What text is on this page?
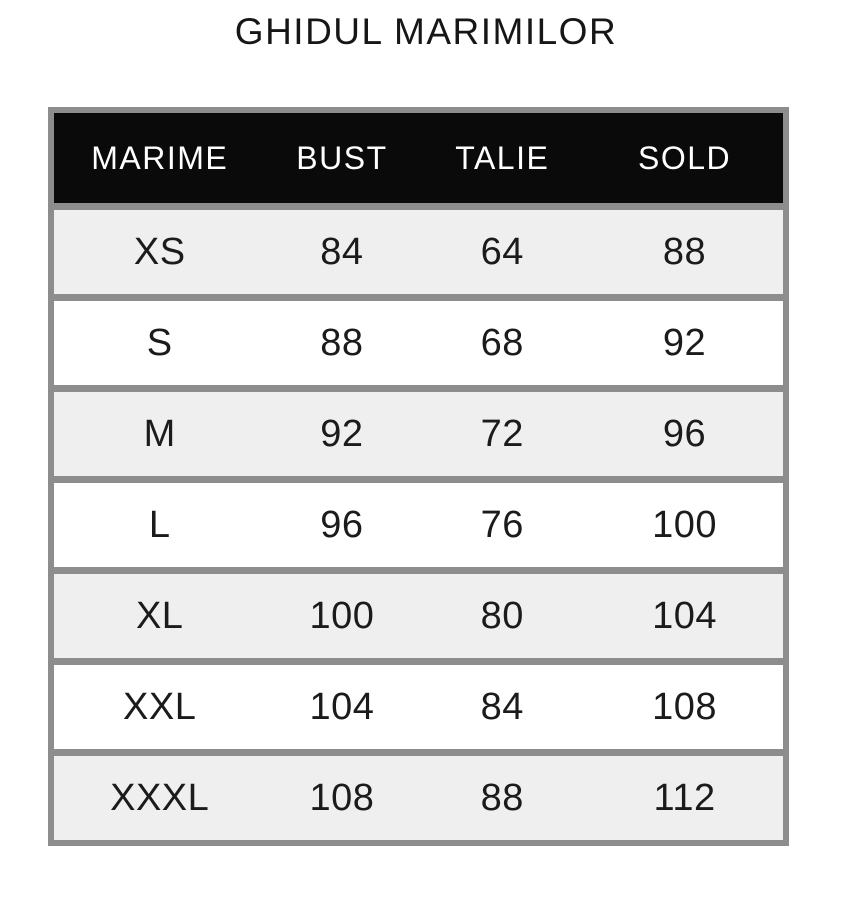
GHIDUL MARIMILOR
MARIME	BUST	TALIE	SOLD
XS	84	64	88
S	88	68	92
M	92	72	96
L	96	76	100
XL	100	80	104
XXL	104	84	108
XXXL	108	88	112
